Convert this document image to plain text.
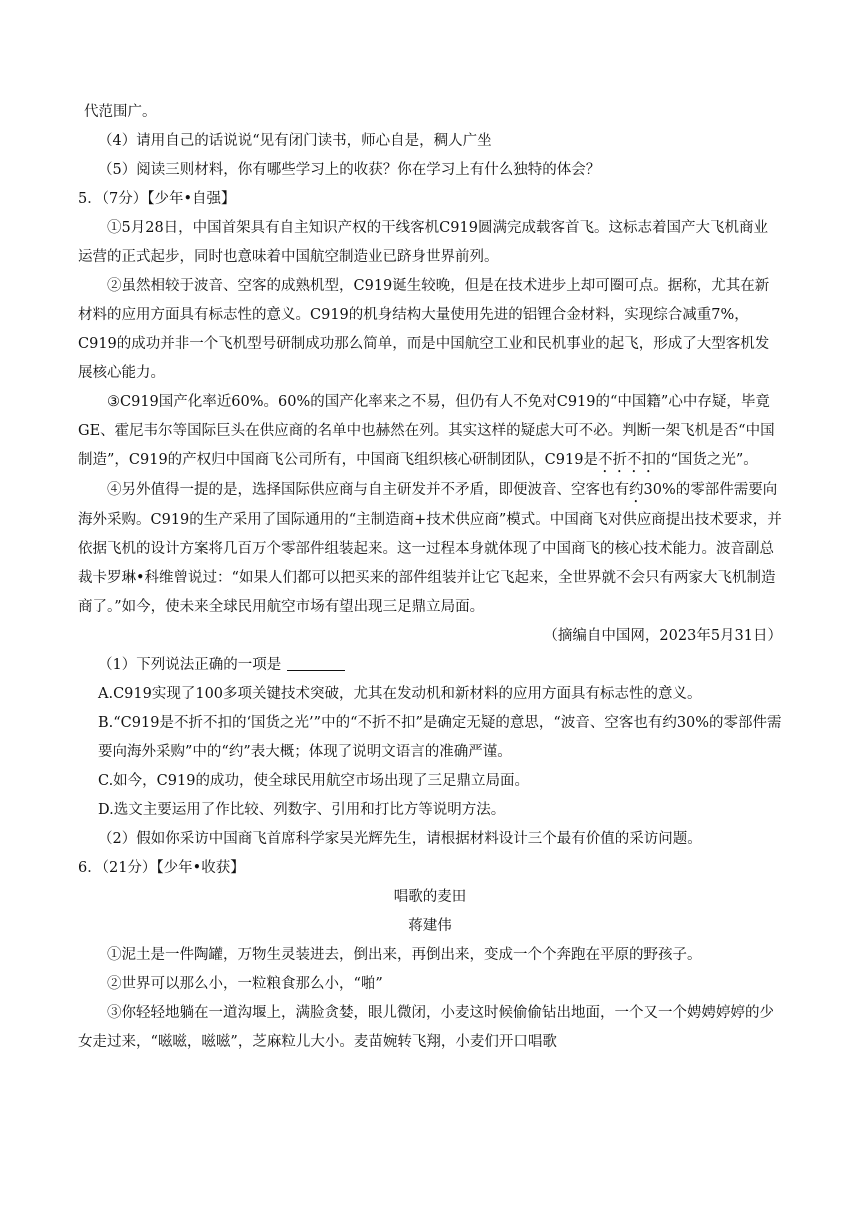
代范围广。

（4）请用自己的话说说“见有闭门读书，师心自是，稠人广坐

（5）阅读三则材料，你有哪些学习上的收获？你在学习上有什么独特的体会？

5．（7分）【少年•自强】

①5月28日，中国首架具有自主知识产权的干线客机C919圆满完成载客首飞。这标志着国产大飞机商业运营的正式起步，同时也意味着中国航空制造业已跻身世界前列。

②虽然相较于波音、空客的成熟机型，C919诞生较晚，但是在技术进步上却可圈可点。据称，尤其在新材料的应用方面具有标志性的意义。C919的机身结构大量使用先进的铝锂合金材料，实现综合减重7%，C919的成功并非一个飞机型号研制成功那么简单，而是中国航空工业和民机事业的起飞，形成了大型客机发展核心能力。

③C919国产化率近60%。60%的国产化率来之不易，但仍有人不免对C919的“中国籍”心中存疑，毕竟GE、霍尼韦尔等国际巨头在供应商的名单中也赫然在列。其实这样的疑虑大可不必。判断一架飞机是否“中国制造”，C919的产权归中国商飞公司所有，中国商飞组织核心研制团队，C919是不折不扣的“国货之光”。

④另外值得一提的是，选择国际供应商与自主研发并不矛盾，即便波音、空客也有约30%的零部件需要向海外采购。C919的生产采用了国际通用的“主制造商+技术供应商”模式。中国商飞对供应商提出技术要求，并依据飞机的设计方案将几百万个零部件组装起来。这一过程本身就体现了中国商飞的核心技术能力。波音副总裁卡罗琳•科维曾说过：“如果人们都可以把买来的部件组装并让它飞起来，全世界就不会只有两家大飞机制造商了。”如今，使未来全球民用航空市场有望出现三足鼎立局面。

（摘编自中国网，2023年5月31日）

（1）下列说法正确的一项是

A.C919实现了100多项关键技术突破，尤其在发动机和新材料的应用方面具有标志性的意义。

B.“C919是不折不扣的‘国货之光’”中的“不折不扣”是确定无疑的意思，“波音、空客也有约30%的零部件需要向海外采购”中的“约”表大概；体现了说明文语言的准确严谨。

C.如今，C919的成功，使全球民用航空市场出现了三足鼎立局面。

D.选文主要运用了作比较、列数字、引用和打比方等说明方法。

（2）假如你采访中国商飞首席科学家吴光辉先生，请根据材料设计三个最有价值的采访问题。

6．（21分）【少年•收获】

唱歌的麦田

蒋建伟

①泥土是一件陶罐，万物生灵装进去，倒出来，再倒出来，变成一个个奔跑在平原的野孩子。

②世界可以那么小，一粒粮食那么小，“啪”

③你轻轻地躺在一道沟堰上，满脸贪婪，眼儿微闭，小麦这时候偷偷钻出地面，一个又一个娉娉婷婷的少女走过来，“嗞嗞，嗞嗞”，芝麻粒儿大小。麦苗婉转飞翔，小麦们开口唱歌
